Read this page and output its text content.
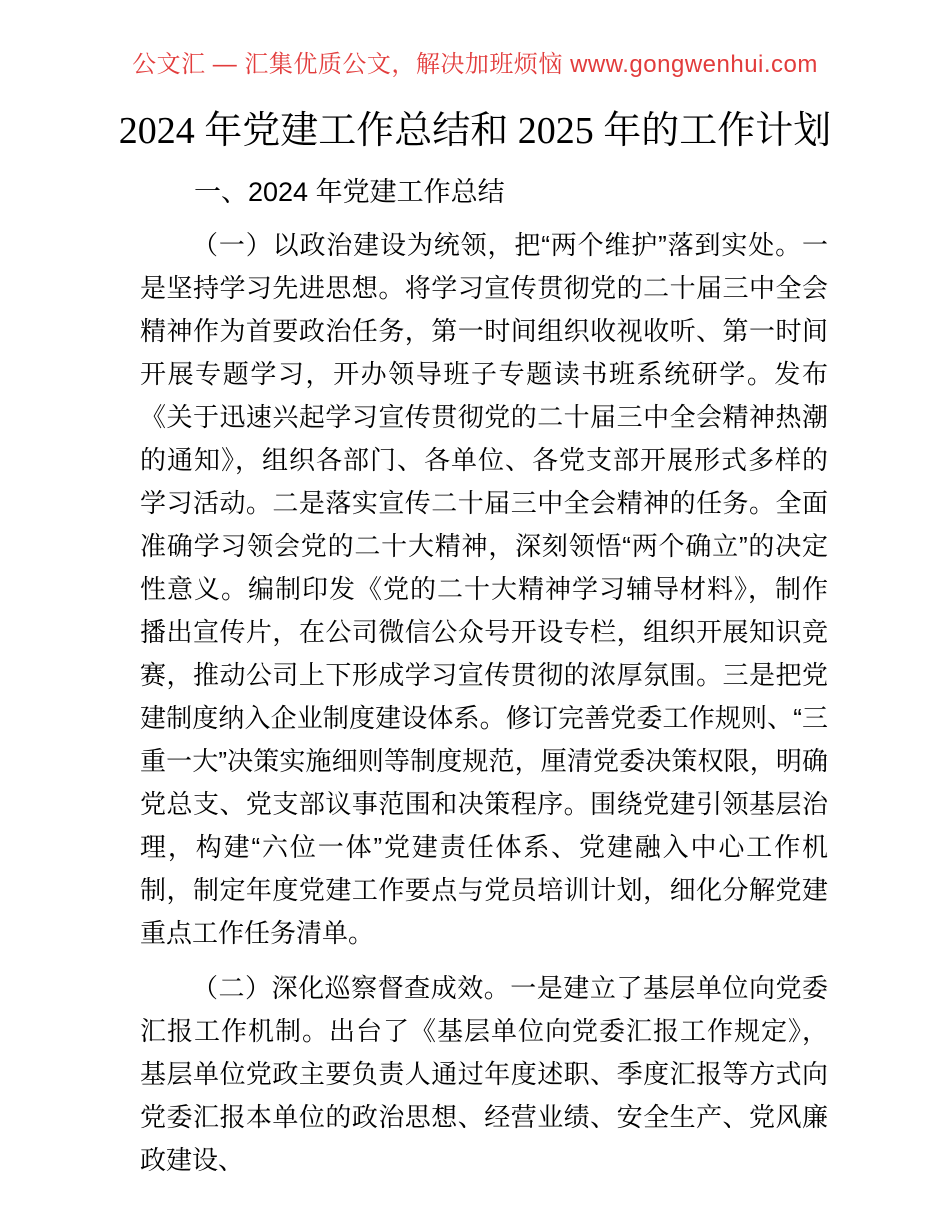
公文汇 — 汇集优质公文，解决加班烦恼 www.gongwenhui.com
2024 年党建工作总结和 2025 年的工作计划
一、2024 年党建工作总结

（一）以政治建设为统领，把“两个维护”落到实处。一是坚持学习先进思想。将学习宣传贯彻党的二十届三中全会精神作为首要政治任务，第一时间组织收视收听、第一时间开展专题学习，开办领导班子专题读书班系统研学。发布《关于迅速兴起学习宣传贯彻党的二十届三中全会精神热潮的通知》，组织各部门、各单位、各党支部开展形式多样的学习活动。二是落实宣传二十届三中全会精神的任务。全面准确学习领会党的二十大精神，深刻领悟“两个确立”的决定性意义。编制印发《党的二十大精神学习辅导材料》，制作播出宣传片，在公司微信公众号开设专栏，组织开展知识竞赛，推动公司上下形成学习宣传贯彻的浓厚氛围。三是把党建制度纳入企业制度建设体系。修订完善党委工作规则、“三重一大”决策实施细则等制度规范，厘清党委决策权限，明确党总支、党支部议事范围和决策程序。围绕党建引领基层治理，构建“六位一体”党建责任体系、党建融入中心工作机制，制定年度党建工作要点与党员培训计划，细化分解党建重点工作任务清单。

（二）深化巡察督查成效。一是建立了基层单位向党委汇报工作机制。出台了《基层单位向党委汇报工作规定》，基层单位党政主要负责人通过年度述职、季度汇报等方式向党委汇报本单位的政治思想、经营业绩、安全生产、党风廉政建设、
